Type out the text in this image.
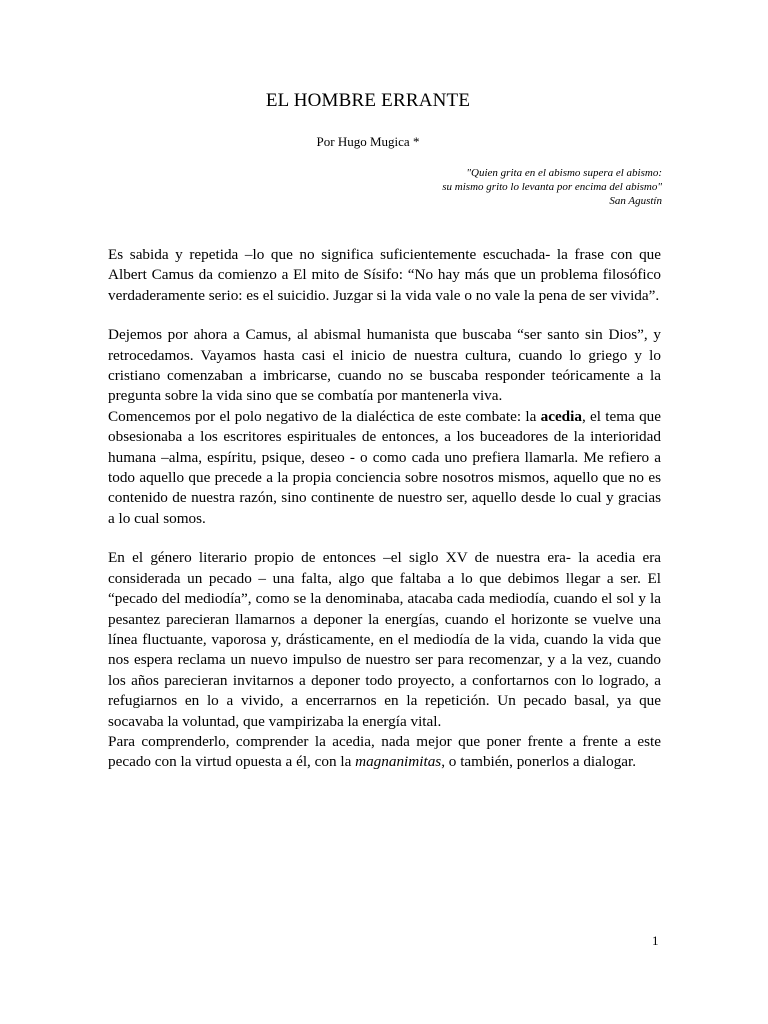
EL HOMBRE ERRANTE
Por Hugo Mugica *
"Quien grita en el abismo supera el abismo:
su mismo grito lo levanta por encima del abismo"
San Agustín

Es sabida y repetida –lo que no significa suficientemente escuchada- la frase con que Albert Camus da comienzo a El mito de Sísifo: “No hay más que un problema filosófico verdaderamente serio: es el suicidio. Juzgar si la vida vale o no vale la pena de ser vivida”.

Dejemos por ahora a Camus, al abismal humanista que buscaba “ser santo sin Dios”, y retrocedamos. Vayamos hasta casi el inicio de nuestra cultura, cuando lo griego y lo cristiano comenzaban a imbricarse, cuando no se buscaba responder teóricamente a la pregunta sobre la vida sino que se combatía por mantenerla viva.

Comencemos por el polo negativo de la dialéctica de este combate: la acedia, el tema que obsesionaba a los escritores espirituales de entonces, a los buceadores de la interioridad humana –alma, espíritu, psique, deseo - o como cada uno prefiera llamarla. Me refiero a todo aquello que precede a la propia conciencia sobre nosotros mismos, aquello que no es contenido de nuestra razón, sino continente de nuestro ser, aquello desde lo cual y gracias a lo cual somos.

En el género literario propio de entonces –el siglo XV de nuestra era- la acedia era considerada un pecado – una falta, algo que faltaba a lo que debimos llegar a ser. El “pecado del mediodía”, como se la denominaba, atacaba cada mediodía, cuando el sol y la pesantez parecieran llamarnos a deponer la energías, cuando el horizonte se vuelve una línea fluctuante, vaporosa y, drásticamente, en el mediodía de la vida, cuando la vida que nos espera reclama un nuevo impulso de nuestro ser para recomenzar, y a la vez, cuando los años parecieran invitarnos a deponer todo proyecto, a confortarnos con lo logrado, a refugiarnos en lo a vivido, a encerrarnos en la repetición. Un pecado basal, ya que socavaba la voluntad, que vampirizaba la energía vital.

Para comprenderlo, comprender la acedia, nada mejor que poner frente a frente a este pecado con la virtud opuesta a él, con la magnanimitas, o también, ponerlos a dialogar.

1
